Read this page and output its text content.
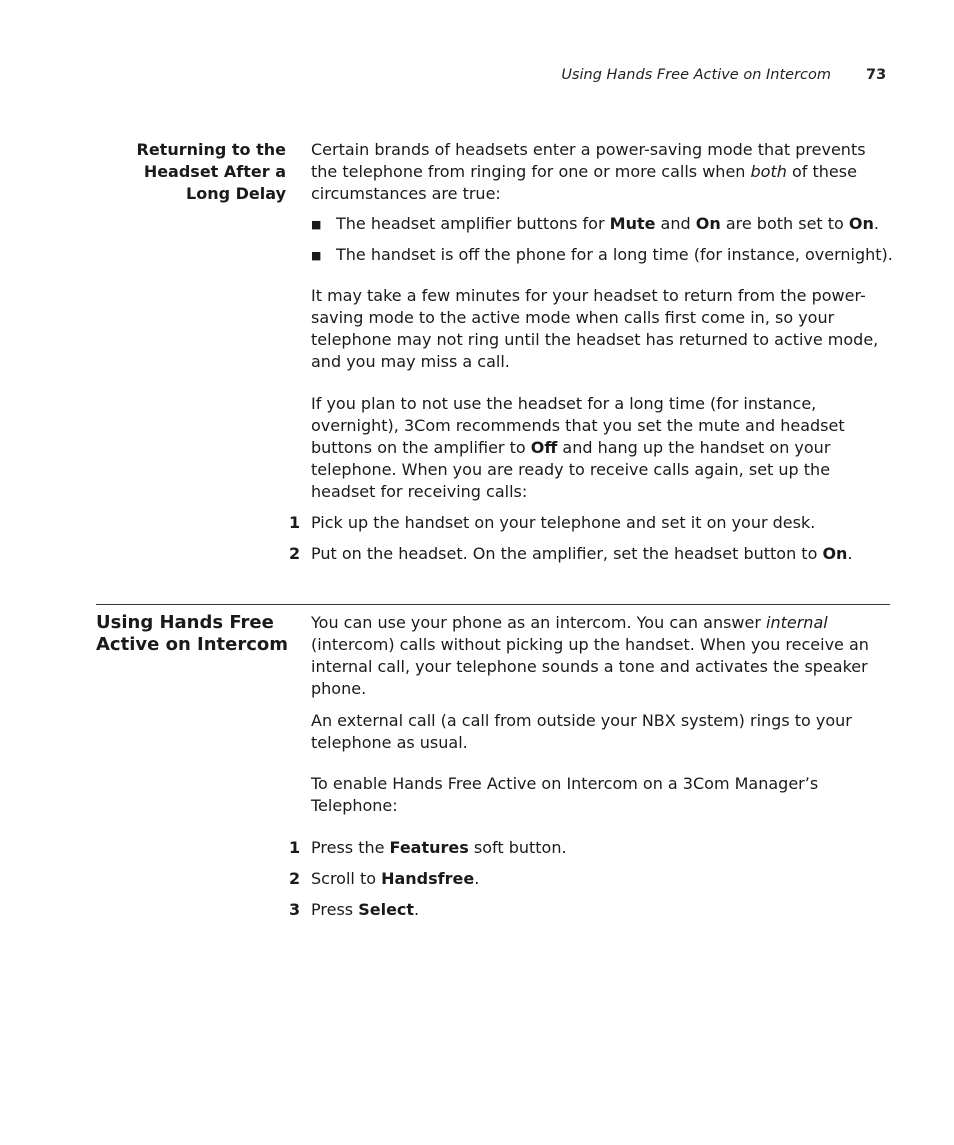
Using Hands Free Active on Intercom 73
Returning to the
Headset After a
Long Delay

Certain brands of headsets enter a power-saving mode that prevents the telephone from ringing for one or more calls when both of these circumstances are true:

■ The headset amplifier buttons for Mute and On are both set to On.
■ The handset is off the phone for a long time (for instance, overnight).

It may take a few minutes for your headset to return from the power-saving mode to the active mode when calls first come in, so your telephone may not ring until the headset has returned to active mode, and you may miss a call.

If you plan to not use the headset for a long time (for instance, overnight), 3Com recommends that you set the mute and headset buttons on the amplifier to Off and hang up the handset on your telephone. When you are ready to receive calls again, set up the headset for receiving calls:

1 Pick up the handset on your telephone and set it on your desk.
2 Put on the headset. On the amplifier, set the headset button to On.
Using Hands Free
Active on Intercom

You can use your phone as an intercom. You can answer internal (intercom) calls without picking up the handset. When you receive an internal call, your telephone sounds a tone and activates the speaker phone.

An external call (a call from outside your NBX system) rings to your telephone as usual.

To enable Hands Free Active on Intercom on a 3Com Manager’s Telephone:

1 Press the Features soft button.
2 Scroll to Handsfree.
3 Press Select.
